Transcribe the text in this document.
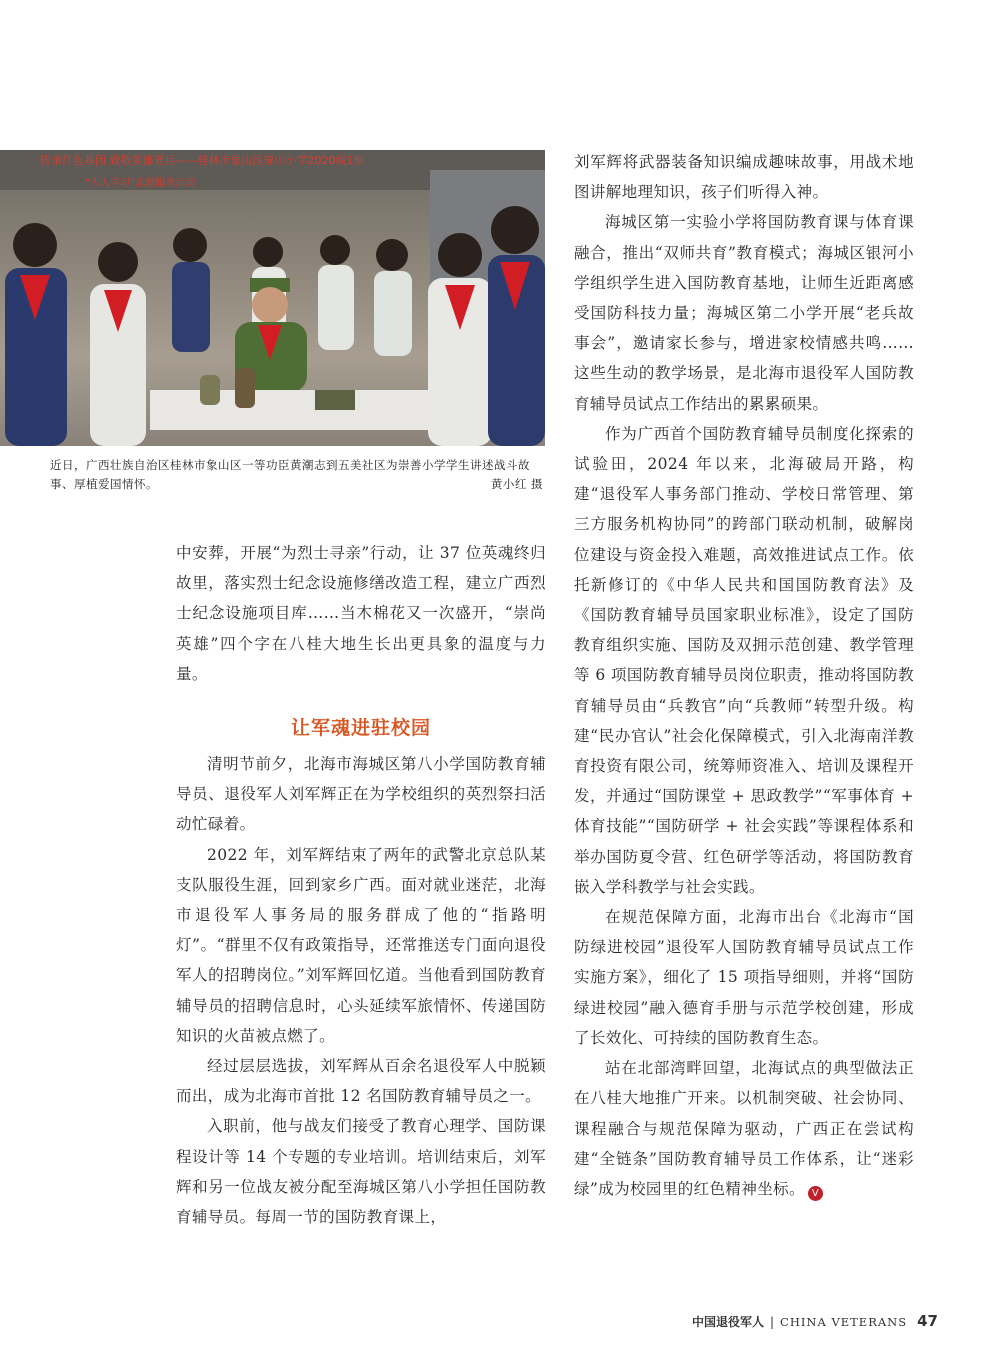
传承红色基因 致敬英雄老兵——桂林市象山区穿山小学2020级1班
“人人学习”志愿服务活动
近日，广西壮族自治区桂林市象山区一等功臣黄潮志到五美社区为崇善小学学生讲述战斗故事、厚植爱国情怀。	黄小红 摄

中安葬，开展“为烈士寻亲”行动，让 37 位英魂终归故里，落实烈士纪念设施修缮改造工程，建立广西烈士纪念设施项目库……当木棉花又一次盛开，“崇尚英雄”四个字在八桂大地生长出更具象的温度与力量。

让军魂进驻校园

清明节前夕，北海市海城区第八小学国防教育辅导员、退役军人刘军辉正在为学校组织的英烈祭扫活动忙碌着。

2022 年，刘军辉结束了两年的武警北京总队某支队服役生涯，回到家乡广西。面对就业迷茫，北海市退役军人事务局的服务群成了他的“指路明灯”。“群里不仅有政策指导，还常推送专门面向退役军人的招聘岗位。”刘军辉回忆道。当他看到国防教育辅导员的招聘信息时，心头延续军旅情怀、传递国防知识的火苗被点燃了。

经过层层选拔，刘军辉从百余名退役军人中脱颖而出，成为北海市首批 12 名国防教育辅导员之一。

入职前，他与战友们接受了教育心理学、国防课程设计等 14 个专题的专业培训。培训结束后，刘军辉和另一位战友被分配至海城区第八小学担任国防教育辅导员。每周一节的国防教育课上，

刘军辉将武器装备知识编成趣味故事，用战术地图讲解地理知识，孩子们听得入神。

海城区第一实验小学将国防教育课与体育课融合，推出“双师共育”教育模式；海城区银河小学组织学生进入国防教育基地，让师生近距离感受国防科技力量；海城区第二小学开展“老兵故事会”，邀请家长参与，增进家校情感共鸣……这些生动的教学场景，是北海市退役军人国防教育辅导员试点工作结出的累累硕果。

作为广西首个国防教育辅导员制度化探索的试验田，2024 年以来，北海破局开路，构建“退役军人事务部门推动、学校日常管理、第三方服务机构协同”的跨部门联动机制，破解岗位建设与资金投入难题，高效推进试点工作。依托新修订的《中华人民共和国国防教育法》及《国防教育辅导员国家职业标准》，设定了国防教育组织实施、国防及双拥示范创建、教学管理等 6 项国防教育辅导员岗位职责，推动将国防教育辅导员由“兵教官”向“兵教师”转型升级。构建“民办官认”社会化保障模式，引入北海南洋教育投资有限公司，统筹师资准入、培训及课程开发，并通过“国防课堂 + 思政教学”“军事体育 + 体育技能”“国防研学 + 社会实践”等课程体系和举办国防夏令营、红色研学等活动，将国防教育嵌入学科教学与社会实践。

在规范保障方面，北海市出台《北海市“国防绿进校园”退役军人国防教育辅导员试点工作实施方案》，细化了 15 项指导细则，并将“国防绿进校园”融入德育手册与示范学校创建，形成了长效化、可持续的国防教育生态。

站在北部湾畔回望，北海试点的典型做法正在八桂大地推广开来。以机制突破、社会协同、课程融合与规范保障为驱动，广西正在尝试构建“全链条”国防教育辅导员工作体系，让“迷彩绿”成为校园里的红色精神坐标。 V

中国退役军人 | CHINA VETERANS 47
